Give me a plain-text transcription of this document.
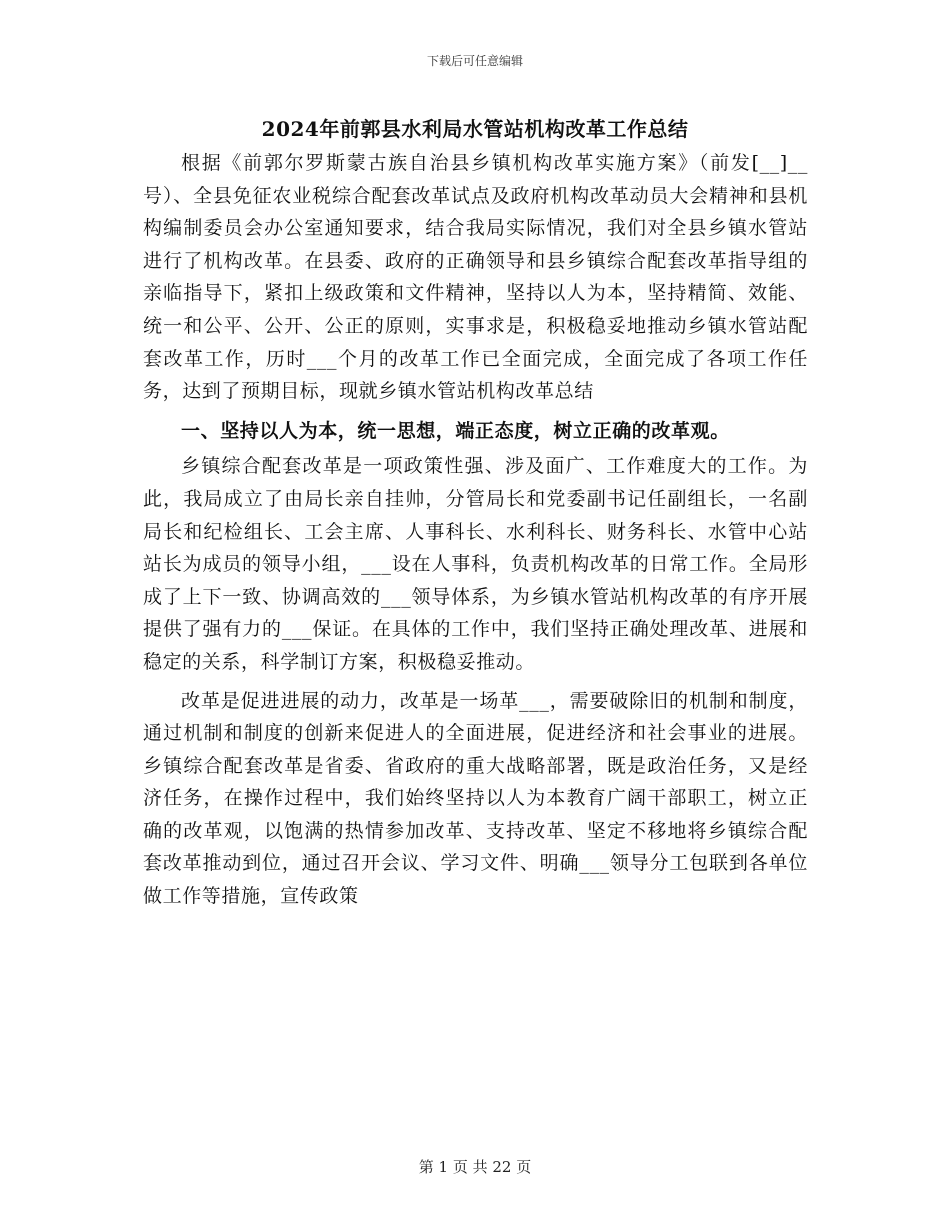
下载后可任意编辑
2024年前郭县水利局水管站机构改革工作总结

根据《前郭尔罗斯蒙古族自治县乡镇机构改革实施方案》（前发[__]__号）、全县免征农业税综合配套改革试点及政府机构改革动员大会精神和县机构编制委员会办公室通知要求，结合我局实际情况，我们对全县乡镇水管站进行了机构改革。在县委、政府的正确领导和县乡镇综合配套改革指导组的亲临指导下，紧扣上级政策和文件精神，坚持以人为本，坚持精简、效能、统一和公平、公开、公正的原则，实事求是，积极稳妥地推动乡镇水管站配套改革工作，历时___个月的改革工作已全面完成，全面完成了各项工作任务，达到了预期目标，现就乡镇水管站机构改革总结

一、坚持以人为本，统一思想，端正态度，树立正确的改革观。

乡镇综合配套改革是一项政策性强、涉及面广、工作难度大的工作。为此，我局成立了由局长亲自挂帅，分管局长和党委副书记任副组长，一名副局长和纪检组长、工会主席、人事科长、水利科长、财务科长、水管中心站站长为成员的领导小组，___设在人事科，负责机构改革的日常工作。全局形成了上下一致、协调高效的___领导体系，为乡镇水管站机构改革的有序开展提供了强有力的___保证。在具体的工作中，我们坚持正确处理改革、进展和稳定的关系，科学制订方案，积极稳妥推动。

改革是促进进展的动力，改革是一场革___，需要破除旧的机制和制度，通过机制和制度的创新来促进人的全面进展，促进经济和社会事业的进展。乡镇综合配套改革是省委、省政府的重大战略部署，既是政治任务，又是经济任务，在操作过程中，我们始终坚持以人为本教育广阔干部职工，树立正确的改革观，以饱满的热情参加改革、支持改革、坚定不移地将乡镇综合配套改革推动到位，通过召开会议、学习文件、明确___领导分工包联到各单位做工作等措施，宣传政策

第 1 页 共 22 页
